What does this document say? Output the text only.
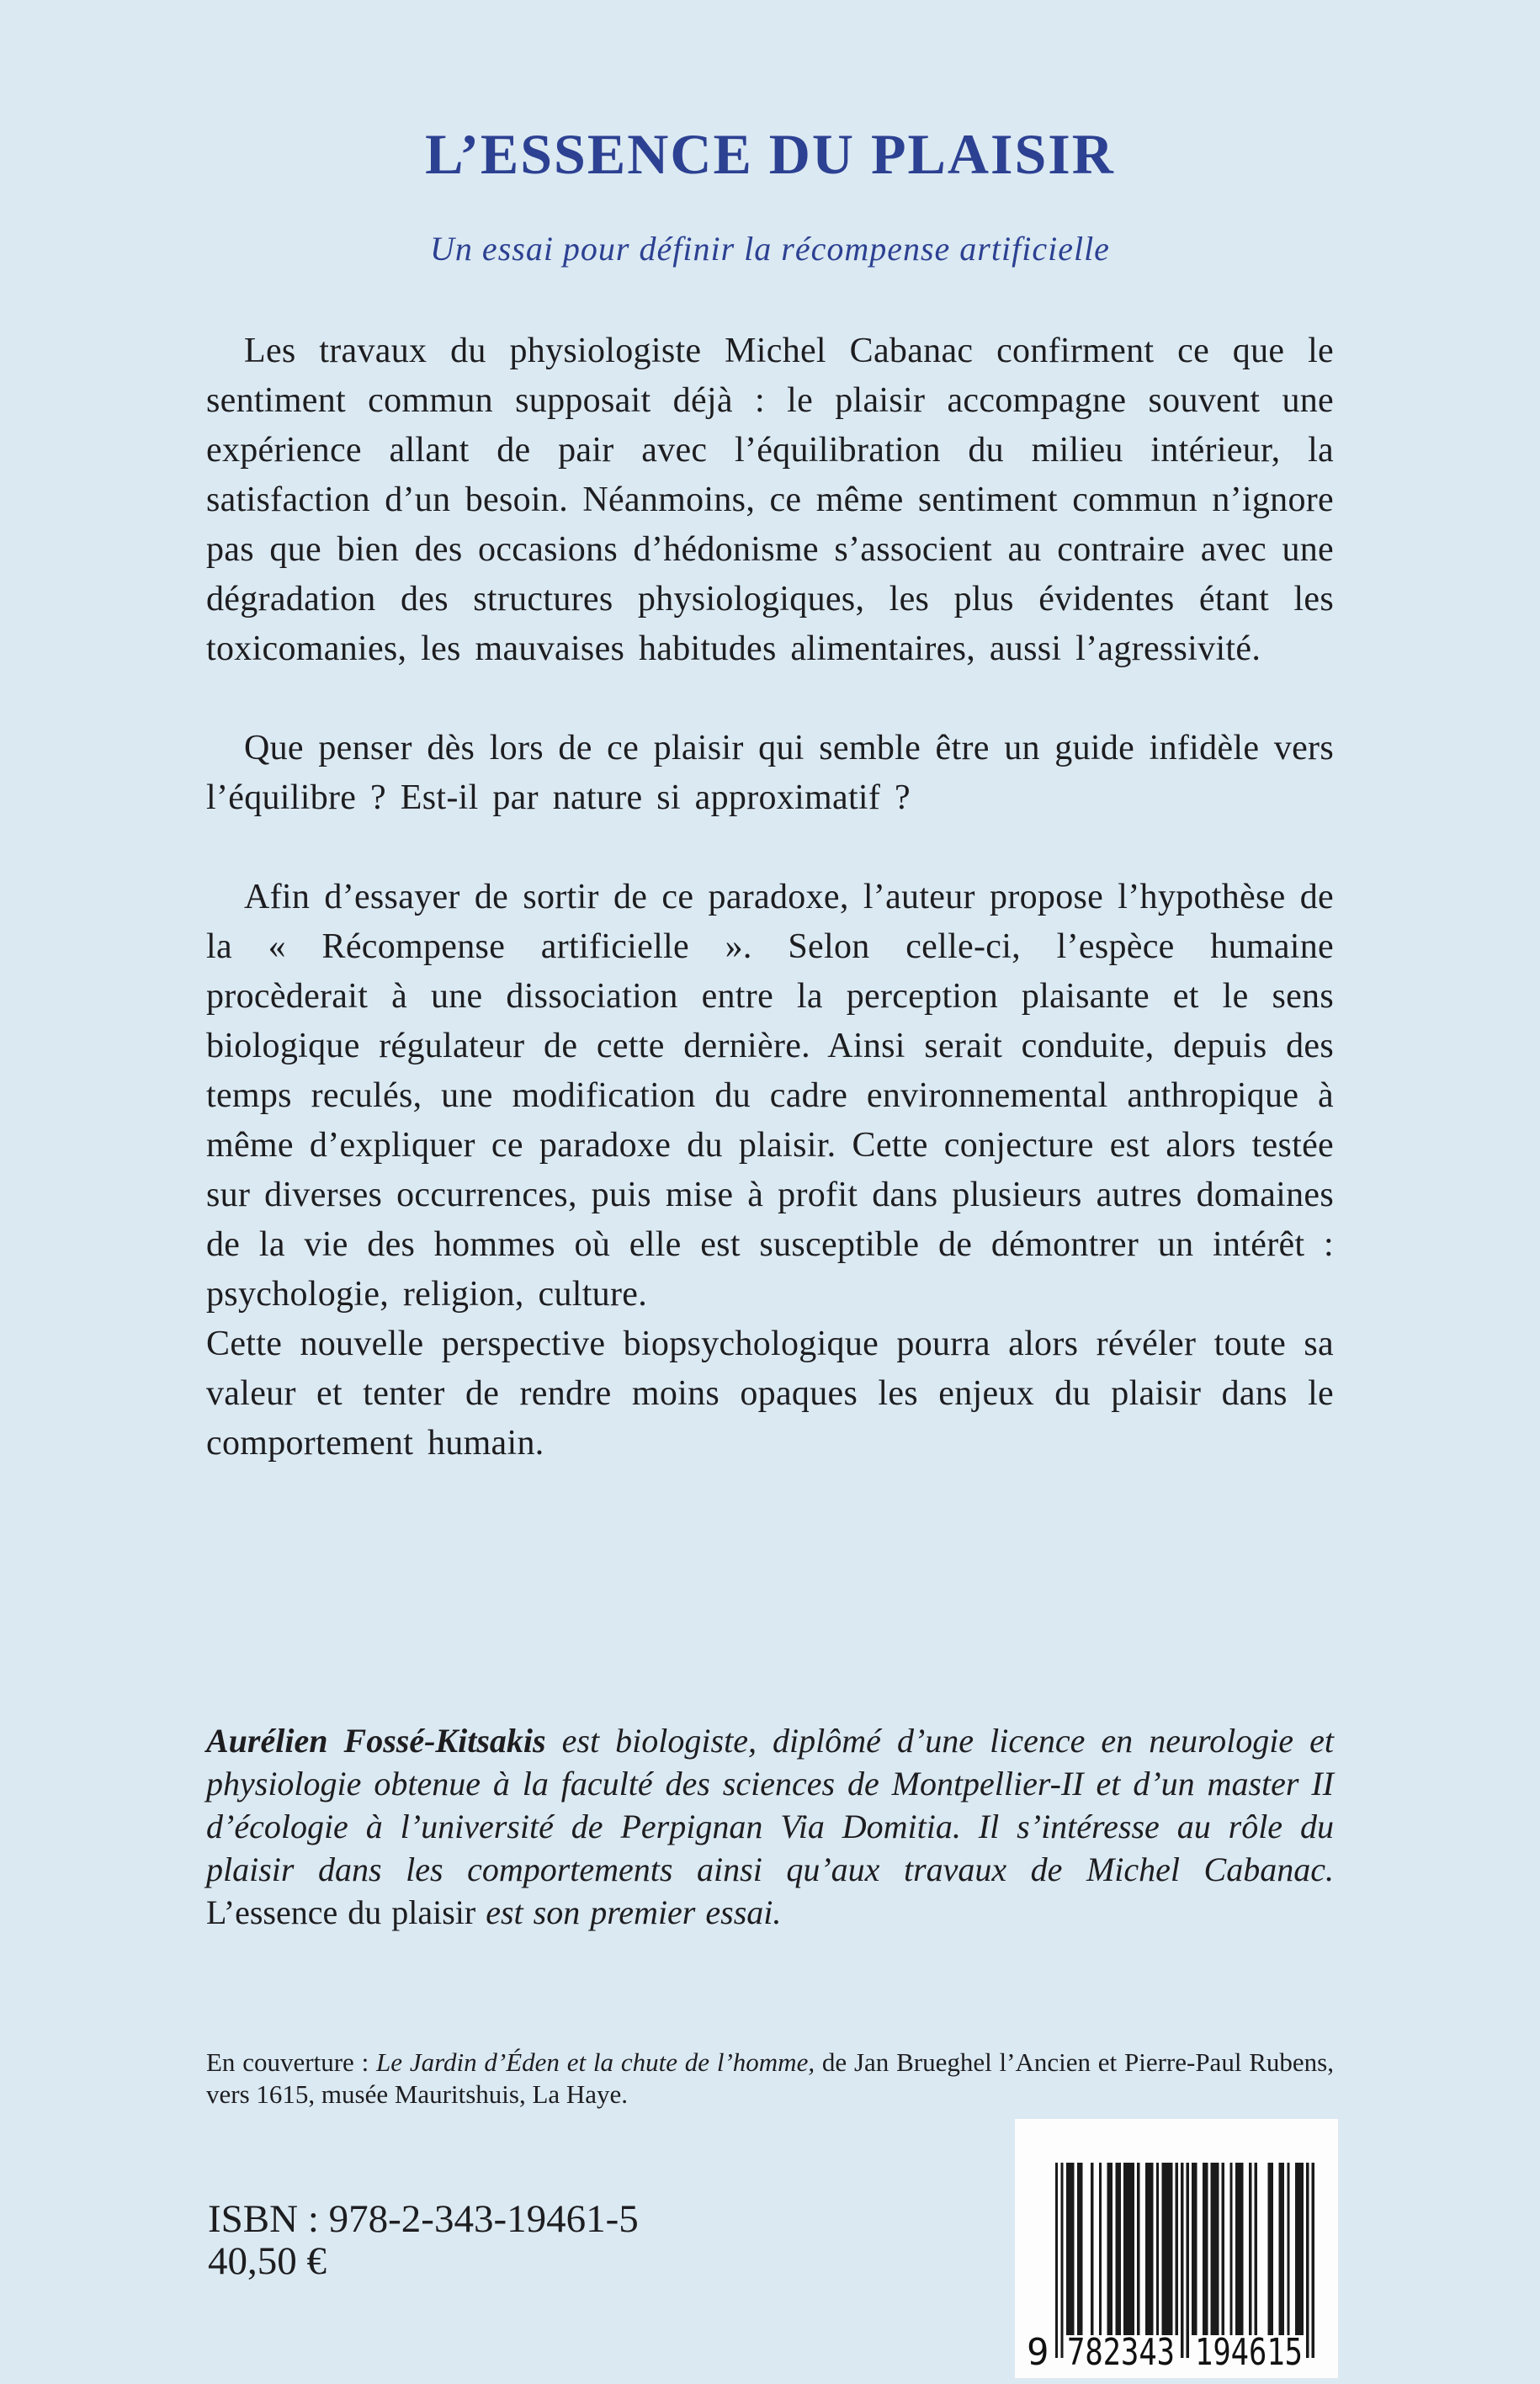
L’ESSENCE DU PLAISIR
Un essai pour définir la récompense artificielle

Les travaux du physiologiste Michel Cabanac confirment ce que le sentiment commun supposait déjà : le plaisir accompagne souvent une expérience allant de pair avec l’équilibration du milieu intérieur, la satisfaction d’un besoin. Néanmoins, ce même sentiment commun n’ignore pas que bien des occasions d’hédonisme s’associent au contraire avec une dégradation des structures physiologiques, les plus évidentes étant les toxicomanies, les mauvaises habitudes alimentaires, aussi l’agressivité.

Que penser dès lors de ce plaisir qui semble être un guide infidèle vers l’équilibre ? Est-il par nature si approximatif ?

Afin d’essayer de sortir de ce paradoxe, l’auteur propose l’hypothèse de la « Récompense artificielle ». Selon celle-ci, l’espèce humaine procèderait à une dissociation entre la perception plaisante et le sens biologique régulateur de cette dernière. Ainsi serait conduite, depuis des temps reculés, une modification du cadre environnemental anthropique à même d’expliquer ce paradoxe du plaisir. Cette conjecture est alors testée sur diverses occurrences, puis mise à profit dans plusieurs autres domaines de la vie des hommes où elle est susceptible de démontrer un intérêt : psychologie, religion, culture.

Cette nouvelle perspective biopsychologique pourra alors révéler toute sa valeur et tenter de rendre moins opaques les enjeux du plaisir dans le comportement humain.

Aurélien Fossé-Kitsakis est biologiste, diplômé d’une licence en neurologie et physiologie obtenue à la faculté des sciences de Montpellier-II et d’un master II d’écologie à l’université de Perpignan Via Domitia. Il s’intéresse au rôle du plaisir dans les comportements ainsi qu’aux travaux de Michel Cabanac. L’essence du plaisir est son premier essai.

En couverture : Le Jardin d’Éden et la chute de l’homme, de Jan Brueghel l’Ancien et Pierre-Paul Rubens, vers 1615, musée Mauritshuis, La Haye.

ISBN : 978-2-343-19461-5
40,50 €
9 782343 194615
